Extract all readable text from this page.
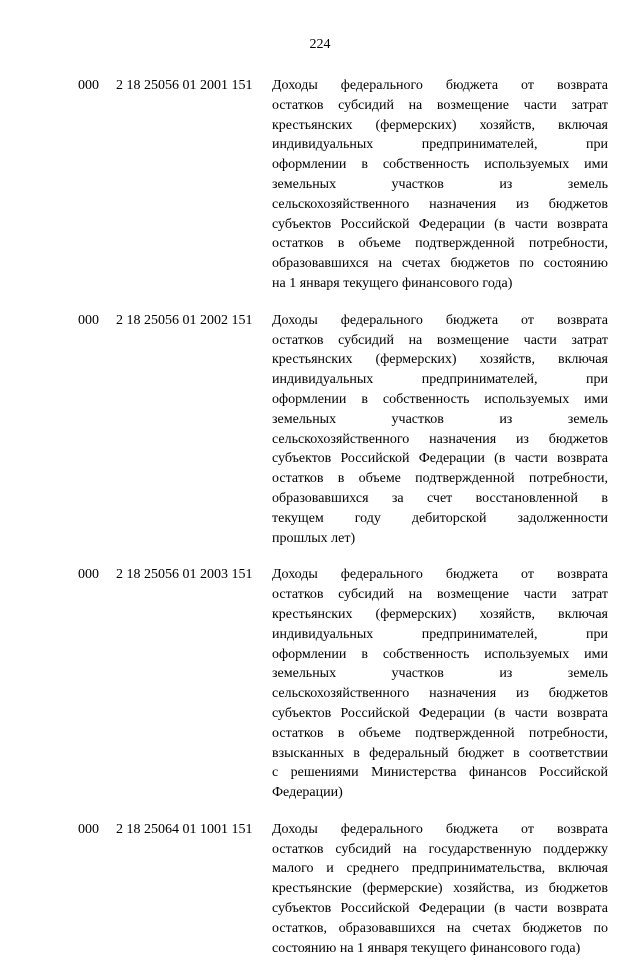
224
000 2 18 25056 01 2001 151 Доходы федерального бюджета от возврата
остатков субсидий на возмещение части затрат
крестьянских (фермерских) хозяйств, включая
индивидуальных предпринимателей, при
оформлении в собственность используемых ими
земельных участков из земель
сельскохозяйственного назначения из бюджетов
субъектов Российской Федерации (в части возврата
остатков в объеме подтвержденной потребности,
образовавшихся на счетах бюджетов по состоянию
на 1 января текущего финансового года)
000 2 18 25056 01 2002 151 Доходы федерального бюджета от возврата
остатков субсидий на возмещение части затрат
крестьянских (фермерских) хозяйств, включая
индивидуальных предпринимателей, при
оформлении в собственность используемых ими
земельных участков из земель
сельскохозяйственного назначения из бюджетов
субъектов Российской Федерации (в части возврата
остатков в объеме подтвержденной потребности,
образовавшихся за счет восстановленной в
текущем году дебиторской задолженности
прошлых лет)
000 2 18 25056 01 2003 151 Доходы федерального бюджета от возврата
остатков субсидий на возмещение части затрат
крестьянских (фермерских) хозяйств, включая
индивидуальных предпринимателей, при
оформлении в собственность используемых ими
земельных участков из земель
сельскохозяйственного назначения из бюджетов
субъектов Российской Федерации (в части возврата
остатков в объеме подтвержденной потребности,
взысканных в федеральный бюджет в соответствии
с решениями Министерства финансов Российской
Федерации)
000 2 18 25064 01 1001 151 Доходы федерального бюджета от возврата
остатков субсидий на государственную поддержку
малого и среднего предпринимательства, включая
крестьянские (фермерские) хозяйства, из бюджетов
субъектов Российской Федерации (в части возврата
остатков, образовавшихся на счетах бюджетов по
состоянию на 1 января текущего финансового года)
